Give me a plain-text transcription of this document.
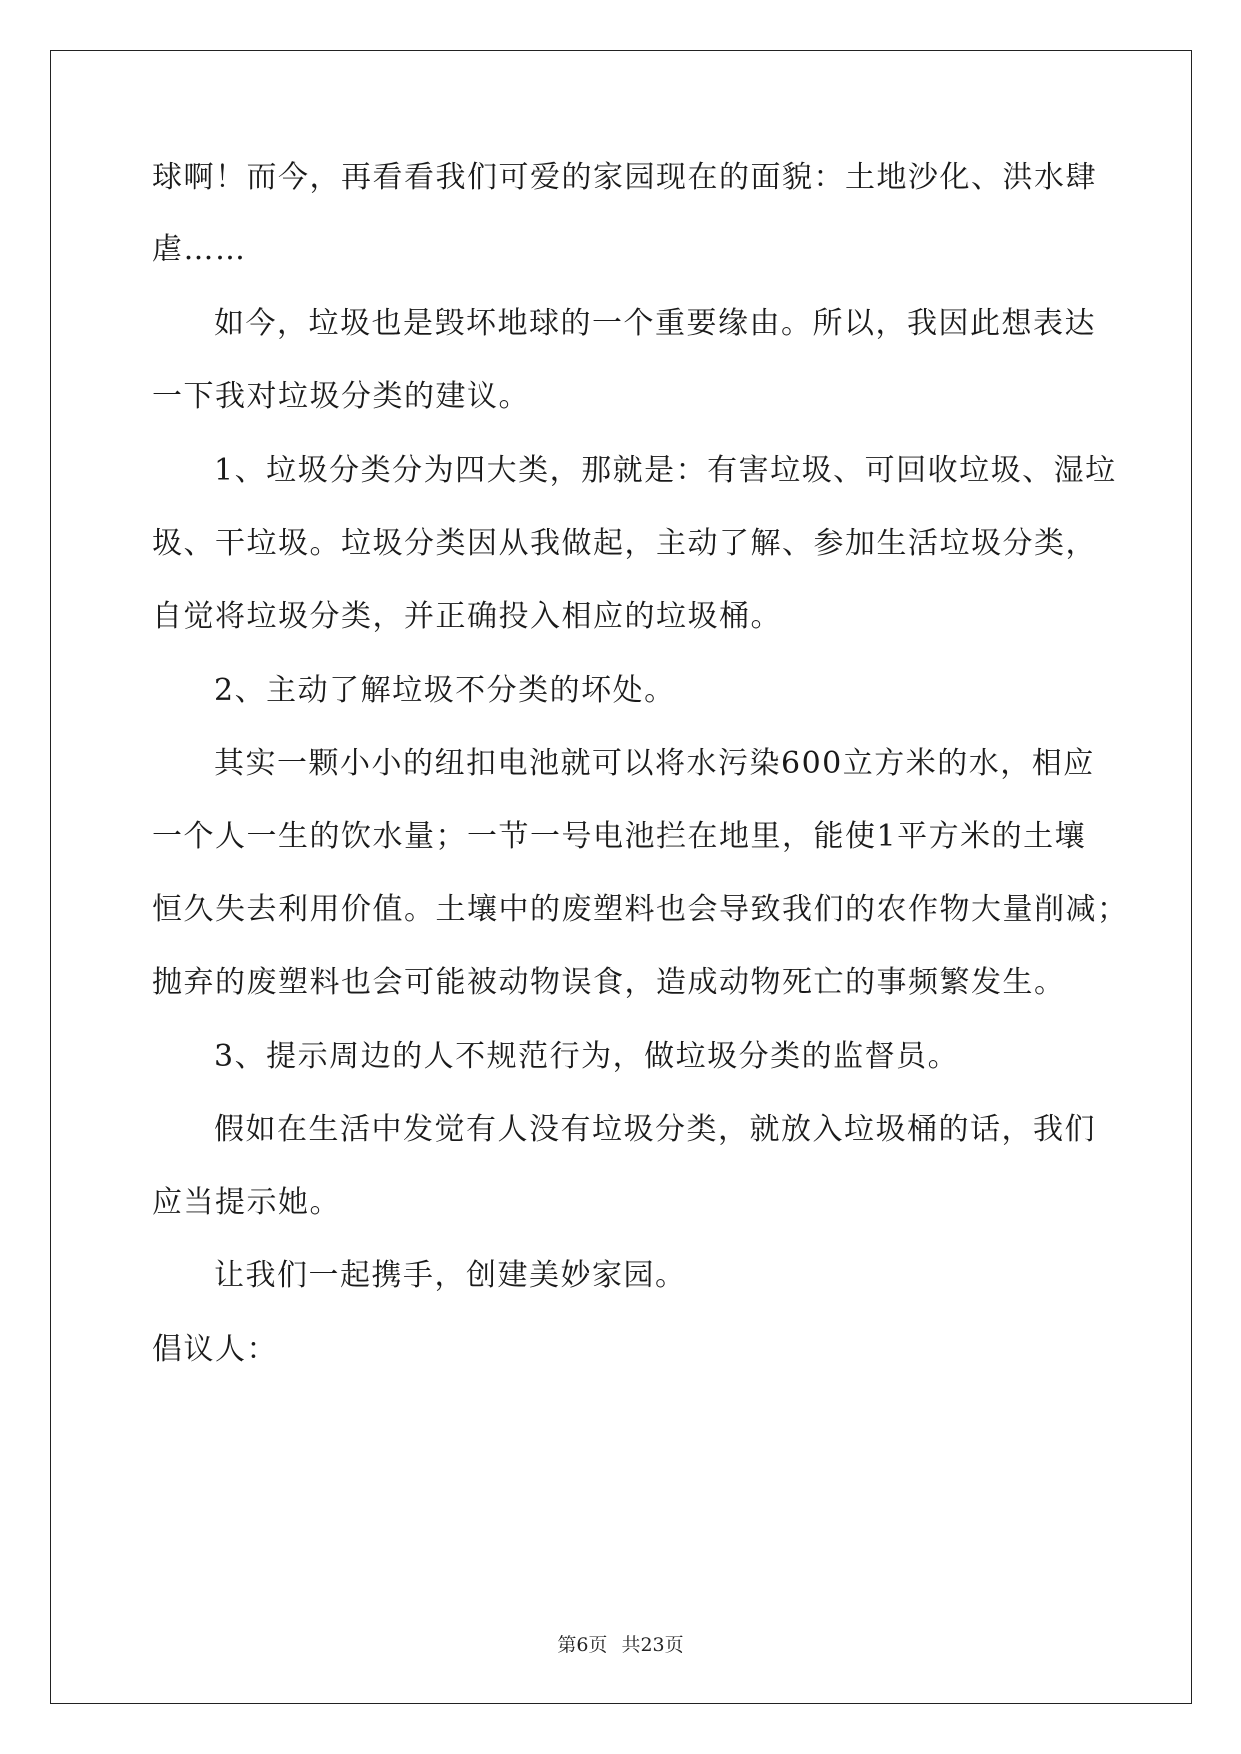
球啊！而今，再看看我们可爱的家园现在的面貌：土地沙化、洪水肆
虐……
如今，垃圾也是毁坏地球的一个重要缘由。所以，我因此想表达
一下我对垃圾分类的建议。
1、垃圾分类分为四大类，那就是：有害垃圾、可回收垃圾、湿垃
圾、干垃圾。垃圾分类因从我做起，主动了解、参加生活垃圾分类，
自觉将垃圾分类，并正确投入相应的垃圾桶。
2、主动了解垃圾不分类的坏处。
其实一颗小小的纽扣电池就可以将水污染600立方米的水，相应
一个人一生的饮水量；一节一号电池拦在地里，能使1平方米的土壤
恒久失去利用价值。土壤中的废塑料也会导致我们的农作物大量削减；
抛弃的废塑料也会可能被动物误食，造成动物死亡的事频繁发生。
3、提示周边的人不规范行为，做垃圾分类的监督员。
假如在生活中发觉有人没有垃圾分类，就放入垃圾桶的话，我们
应当提示她。
让我们一起携手，创建美妙家园。
倡议人：
第6页 共23页
